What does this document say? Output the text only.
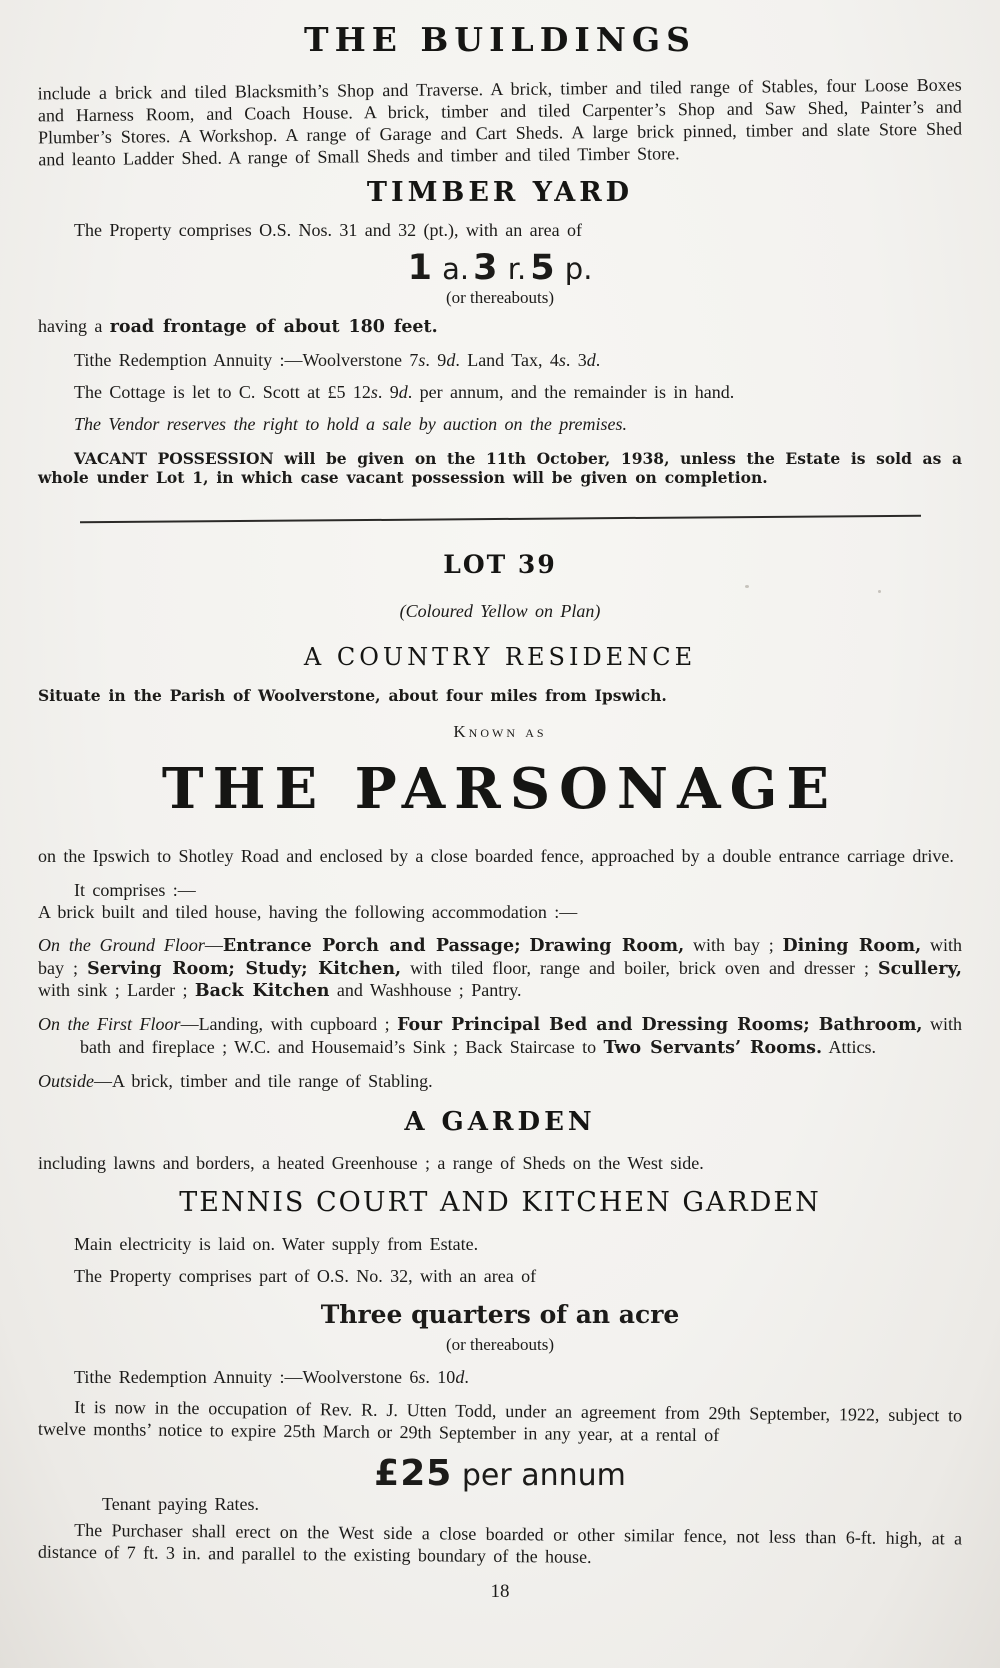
THE BUILDINGS

include a brick and tiled Blacksmith’s Shop and Traverse. A brick, timber and tiled range of Stables, four Loose Boxes and Harness Room, and Coach House. A brick, timber and tiled Carpenter’s Shop and Saw Shed, Painter’s and Plumber’s Stores. A Workshop. A range of Garage and Cart Sheds. A large brick pinned, timber and slate Store Shed and leanto Ladder Shed. A range of Small Sheds and timber and tiled Timber Store.

TIMBER YARD

The Property comprises O.S. Nos. 31 and 32 (pt.), with an area of

1 a. 3 r. 5 p.

(or thereabouts)

having a road frontage of about 180 feet.

Tithe Redemption Annuity :—Woolverstone 7s. 9d. Land Tax, 4s. 3d.

The Cottage is let to C. Scott at £5 12s. 9d. per annum, and the remainder is in hand.

The Vendor reserves the right to hold a sale by auction on the premises.

VACANT POSSESSION will be given on the 11th October, 1938, unless the Estate is sold as a whole under Lot 1, in which case vacant possession will be given on completion.

LOT 39

(Coloured Yellow on Plan)

A COUNTRY RESIDENCE

Situate in the Parish of Woolverstone, about four miles from Ipswich.

Known as

THE PARSONAGE

on the Ipswich to Shotley Road and enclosed by a close boarded fence, approached by a double entrance carriage drive.

It comprises :—

A brick built and tiled house, having the following accommodation :—

On the Ground Floor—Entrance Porch and Passage; Drawing Room, with bay ; Dining Room, with bay ; Serving Room; Study; Kitchen, with tiled floor, range and boiler, brick oven and dresser ; Scullery, with sink ; Larder ; Back Kitchen and Washhouse ; Pantry.

On the First Floor—Landing, with cupboard ; Four Principal Bed and Dressing Rooms; Bathroom, with bath and fireplace ; W.C. and Housemaid’s Sink ; Back Staircase to Two Servants’ Rooms. Attics.

Outside—A brick, timber and tile range of Stabling.

A GARDEN

including lawns and borders, a heated Greenhouse ; a range of Sheds on the West side.

TENNIS COURT AND KITCHEN GARDEN

Main electricity is laid on. Water supply from Estate.

The Property comprises part of O.S. No. 32, with an area of

Three quarters of an acre

(or thereabouts)

Tithe Redemption Annuity :—Woolverstone 6s. 10d.

It is now in the occupation of Rev. R. J. Utten Todd, under an agreement from 29th September, 1922, subject to twelve months’ notice to expire 25th March or 29th September in any year, at a rental of

£25 per annum

Tenant paying Rates.

The Purchaser shall erect on the West side a close boarded or other similar fence, not less than 6-ft. high, at a distance of 7 ft. 3 in. and parallel to the existing boundary of the house.

18
